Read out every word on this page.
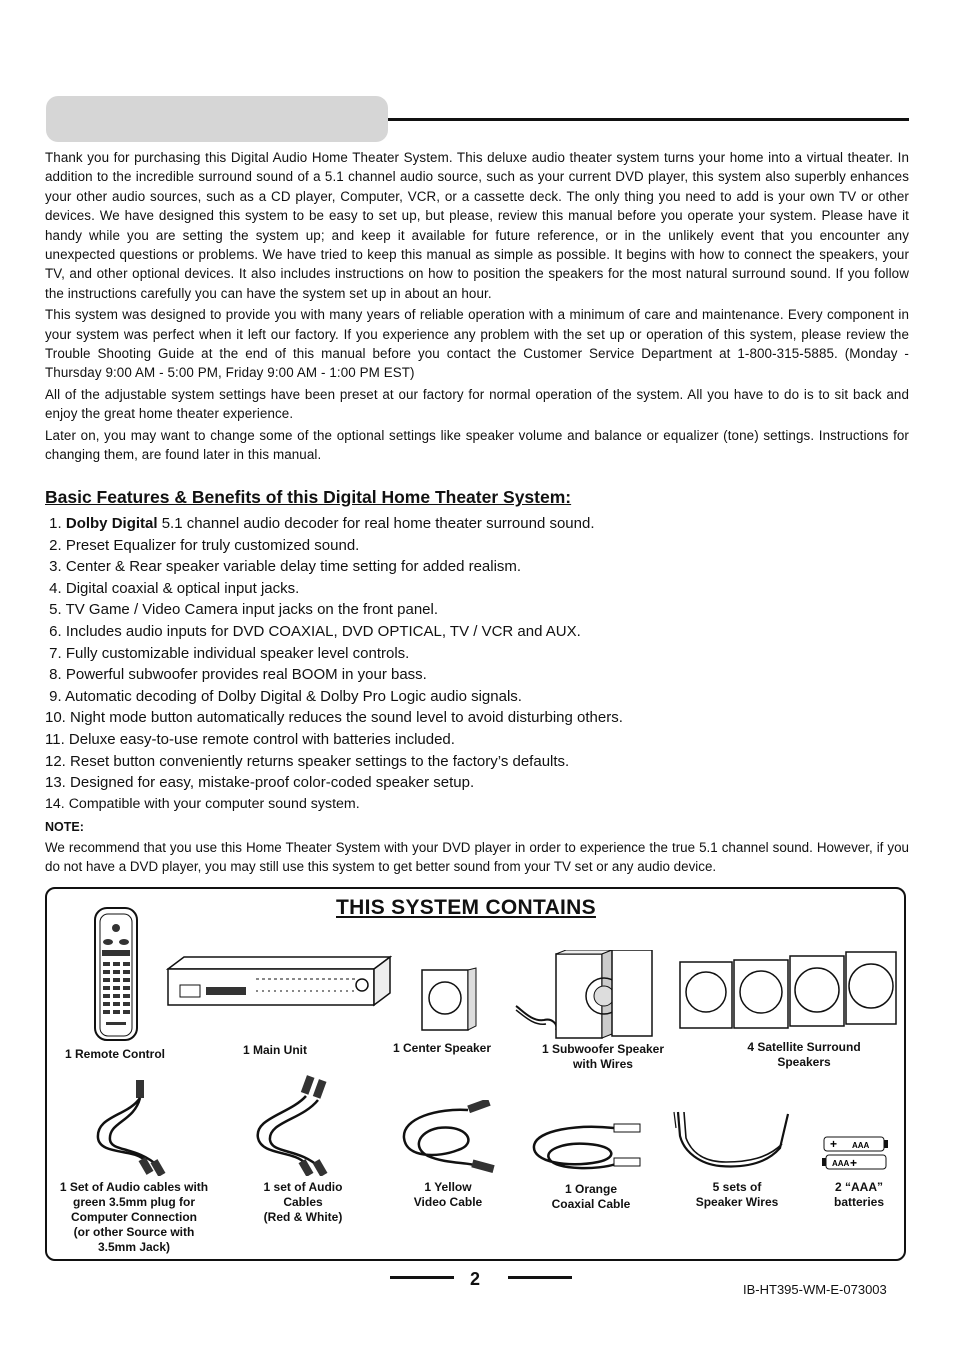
Thank you for purchasing this Digital Audio Home Theater System. This deluxe audio theater system turns your home into a virtual theater. In addition to the incredible surround sound of a 5.1 channel audio source, such as your current DVD player, this system also superbly enhances your other audio sources, such as a CD player, Computer, VCR, or a cassette deck. The only thing you need to add is your own TV or other devices. We have designed this system to be easy to set up, but please, review this manual before you operate your system. Please have it handy while you are setting the system up; and keep it available for future reference, or in the unlikely event that you encounter any unexpected questions or problems. We have tried to keep this manual as simple as possible. It begins with how to connect the speakers, your TV, and other optional devices. It also includes instructions on how to position the speakers for the most natural surround sound. If you follow the instructions carefully you can have the system set up in about an hour.

This system was designed to provide you with many years of reliable operation with a minimum of care and maintenance. Every component in your system was perfect when it left our factory. If you experience any problem with the set up or operation of this system, please review the Trouble Shooting Guide at the end of this manual before you contact the Customer Service Department at 1-800-315-5885. (Monday - Thursday 9:00 AM - 5:00 PM, Friday 9:00 AM - 1:00 PM EST)

All of the adjustable system settings have been preset at our factory for normal operation of the system. All you have to do is to sit back and enjoy the great home theater experience.

Later on, you may want to change some of the optional settings like speaker volume and balance or equalizer (tone) settings. Instructions for changing them, are found later in this manual.

Basic Features & Benefits of this Digital Home Theater System:
1. Dolby Digital 5.1 channel audio decoder for real home theater surround sound.
2. Preset Equalizer for truly customized sound.
3. Center & Rear speaker variable delay time setting for added realism.
4. Digital coaxial & optical input jacks.
5. TV Game / Video Camera input jacks on the front panel.
6. Includes audio inputs for DVD COAXIAL, DVD OPTICAL, TV / VCR and AUX.
7. Fully customizable individual speaker level controls.
8. Powerful subwoofer provides real BOOM in your bass.
9. Automatic decoding of Dolby Digital & Dolby Pro Logic audio signals.
10. Night mode button automatically reduces the sound level to avoid disturbing others.
11. Deluxe easy-to-use remote control with batteries included.
12. Reset button conveniently returns speaker settings to the factory’s defaults.
13. Designed for easy, mistake-proof color-coded speaker setup.
14. Compatible with your computer sound system.
NOTE:
We recommend that you use this Home Theater System with your DVD player in order to experience the true 5.1 channel sound. However, if you do not have a DVD player, you may still use this system to get better sound from your TV set or any audio device.
THIS SYSTEM CONTAINS
+ AAA
AAA +
1 Remote Control	1 Main Unit	1 Center Speaker	1 Subwoofer Speaker
with Wires
4 Satellite Surround
Speakers
1 Set of Audio cables with
green 3.5mm plug for
Computer Connection
(or other Source with
3.5mm Jack)
1 set of Audio
Cables
(Red & White)
1 Yellow
Video Cable
1 Orange
Coaxial Cable
5 sets of
Speaker Wires
2 “AAA”
batteries
2
IB-HT395-WM-E-073003
